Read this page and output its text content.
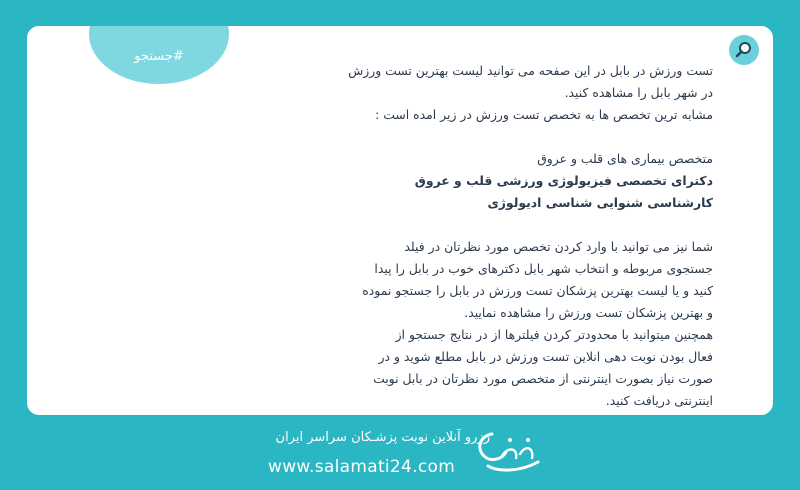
#جستجو

تست ورزش در بابل در این صفحه می توانید لیست بهترین تست ورزش

در شهر بابل را مشاهده کنید.

مشابه ترین تخصص ها به تخصص تست ورزش در زیر امده است :

متخصص بیماری های قلب و عروق

دکترای تخصصی فیزیولوژی ورزشی قلب و عروق

کارشناسی شنوایی شناسی ادیولوژی

شما نیز می توانید با وارد کردن تخصص مورد نظرتان در فیلد

جستجوی مربوطه و انتخاب شهر بابل دکترهای خوب در بابل را پیدا

کنید و یا لیست بهترین پزشکان تست ورزش در بابل را جستجو نموده

و بهترین پزشکان تست ورزش را مشاهده نمایید.

همچنین میتوانید با محدودتر کردن فیلترها از در نتایج جستجو از

فعال بودن نوبت دهی انلاین تست ورزش در بابل مطلع شوید و در

صورت نیاز بصورت اینترنتی از متخصص مورد نظرتان در بابل نوبت

اینترنتی دریافت کنید.

رزرو آنلاین نوبت پزشـکان سراسر ایران
www.salamati24.com
